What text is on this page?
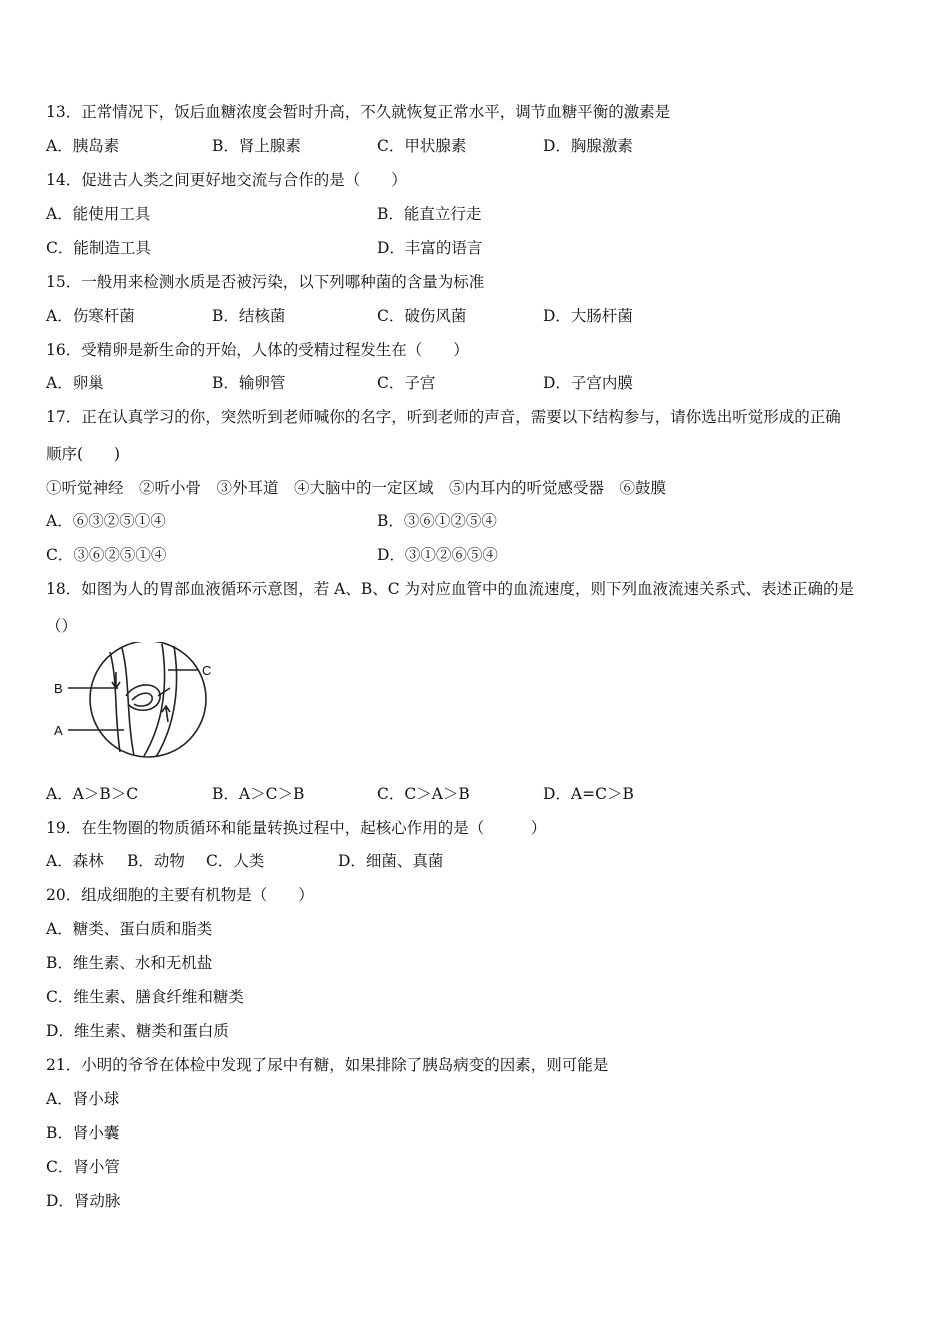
13．正常情况下，饭后血糖浓度会暂时升高，不久就恢复正常水平，调节血糖平衡的激素是
A．胰岛素	B．肾上腺素	C．甲状腺素	D．胸腺激素
14．促进古人类之间更好地交流与合作的是（　　）
A．能使用工具	B．能直立行走
C．能制造工具	D．丰富的语言
15．一般用来检测水质是否被污染，以下列哪种菌的含量为标准
A．伤寒杆菌	B．结核菌	C．破伤风菌	D．大肠杆菌
16．受精卵是新生命的开始，人体的受精过程发生在（　　）
A．卵巢	B．输卵管	C．子宫	D．子宫内膜
17．正在认真学习的你，突然听到老师喊你的名字，听到老师的声音，需要以下结构参与，请你选出听觉形成的正确
顺序(　　)
①听觉神经　②听小骨　③外耳道　④大脑中的一定区域　⑤内耳内的听觉感受器　⑥鼓膜
A．⑥③②⑤①④	B．③⑥①②⑤④
C．③⑥②⑤①④	D．③①②⑥⑤④
18．如图为人的胃部血液循环示意图，若 A、B、C 为对应血管中的血流速度，则下列血液流速关系式、表述正确的是
（）
B
A
C
A．A＞B＞C	B．A＞C＞B	C．C＞A＞B	D．A=C＞B
19．在生物圈的物质循环和能量转换过程中，起核心作用的是（　　　）
A．森林 B．动物 C．人类	D．细菌、真菌
20．组成细胞的主要有机物是（　　）
A．糖类、蛋白质和脂类
B．维生素、水和无机盐
C．维生素、膳食纤维和糖类
D．维生素、糖类和蛋白质
21．小明的爷爷在体检中发现了尿中有糖，如果排除了胰岛病变的因素，则可能是
A．肾小球
B．肾小囊
C．肾小管
D．肾动脉
